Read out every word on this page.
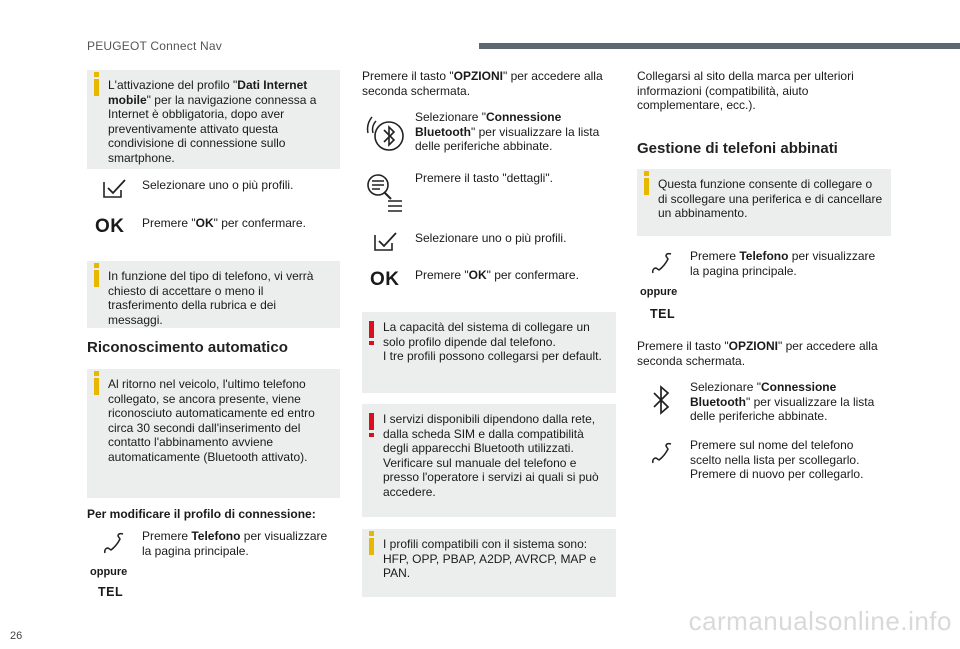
PEUGEOT Connect Nav
L'attivazione del profilo "Dati Internet mobile" per la navigazione connessa a Internet è obbligatoria, dopo aver preventivamente attivato questa condivisione di connessione sullo smartphone.
Selezionare uno o più profili.
OK Premere "OK" per confermare.
In funzione del tipo di telefono, vi verrà chiesto di accettare o meno il trasferimento della rubrica e dei messaggi.
Riconoscimento automatico
Al ritorno nel veicolo, l'ultimo telefono collegato, se ancora presente, viene riconosciuto automaticamente ed entro circa 30 secondi dall'inserimento del contatto l'abbinamento avviene automaticamente (Bluetooth attivato).
Per modificare il profilo di connessione:
Premere Telefono per visualizzare la pagina principale.
oppure
TEL
Premere il tasto "OPZIONI" per accedere alla seconda schermata.
Selezionare "Connessione Bluetooth" per visualizzare la lista delle periferiche abbinate.
Premere il tasto "dettagli".
Selezionare uno o più profili.
OK Premere "OK" per confermare.
La capacità del sistema di collegare un solo profilo dipende dal telefono.
I tre profili possono collegarsi per default.
I servizi disponibili dipendono dalla rete, dalla scheda SIM e dalla compatibilità degli apparecchi Bluetooth utilizzati. Verificare sul manuale del telefono e presso l'operatore i servizi ai quali si può accedere.
I profili compatibili con il sistema sono: HFP, OPP, PBAP, A2DP, AVRCP, MAP e PAN.
Collegarsi al sito della marca per ulteriori informazioni (compatibilità, aiuto complementare, ecc.).
Gestione di telefoni abbinati
Questa funzione consente di collegare o di scollegare una periferica e di cancellare un abbinamento.
Premere Telefono per visualizzare la pagina principale.
oppure
TEL
Premere il tasto "OPZIONI" per accedere alla seconda schermata.
Selezionare "Connessione Bluetooth" per visualizzare la lista delle periferiche abbinate.
Premere sul nome del telefono scelto nella lista per scollegarlo. Premere di nuovo per collegarlo.
26	carmanualsonline.info
